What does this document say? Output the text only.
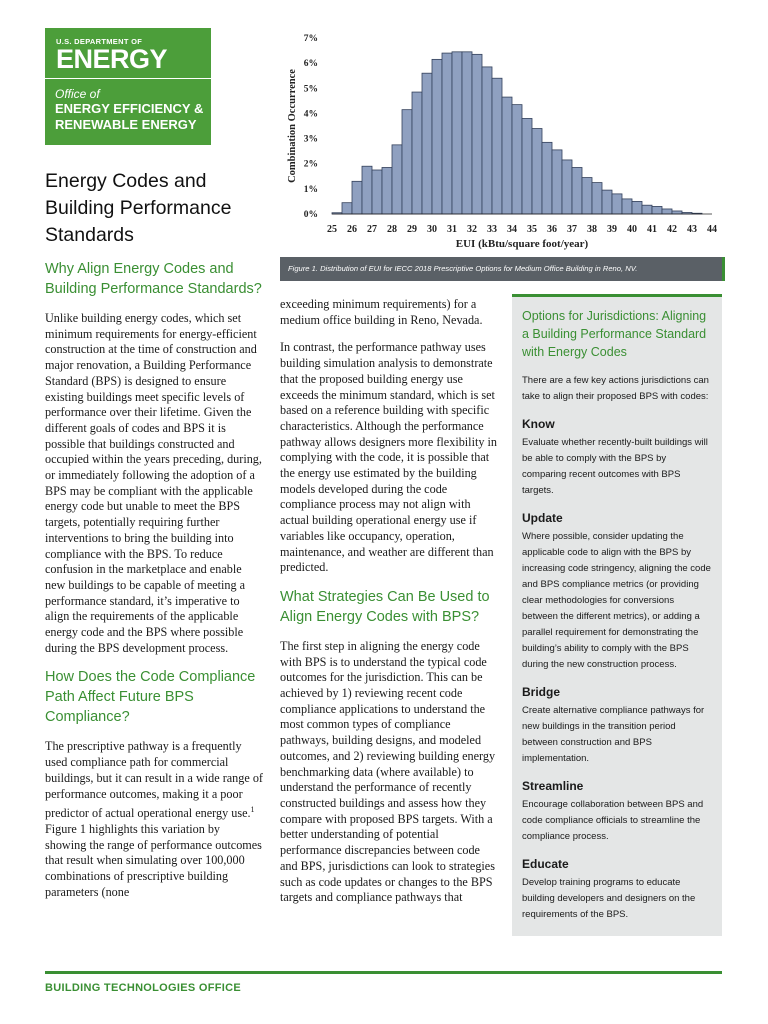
U.S. DEPARTMENT OF
ENERGY
Office of
ENERGY EFFICIENCY &
RENEWABLE ENERGY
Energy Codes and Building Performance Standards
Why Align Energy Codes and Building Performance Standards?

Unlike building energy codes, which set minimum requirements for energy-efficient construction at the time of construction and major renovation, a Building Performance Standard (BPS) is designed to ensure existing buildings meet specific levels of performance over their lifetime. Given the different goals of codes and BPS it is possible that buildings constructed and occupied within the years preceding, during, or immediately following the adoption of a BPS may be compliant with the applicable energy code but unable to meet the BPS targets, potentially requiring further interventions to bring the building into compliance with the BPS. To reduce confusion in the marketplace and enable new buildings to be capable of meeting a performance standard, it’s imperative to align the requirements of the applicable energy code and the BPS where possible during the BPS development process.

How Does the Code Compliance Path Affect Future BPS Compliance?

The prescriptive pathway is a frequently used compliance path for commercial buildings, but it can result in a wide range of performance outcomes, making it a poor predictor of actual operational energy use.$^1$ Figure 1 highlights this variation by showing the range of performance outcomes that result when simulating over 100,000 combinations of prescriptive building parameters (none

0%
1%
2%
3%
4%
5%
6%
7%
25 26 27 28 29 30 31 32 33 34 35 36 37 38 39 40 41 42 43 44
EUI (kBtu/square foot/year)
Combination Occurrence
Figure 1. Distribution of EUI for IECC 2018 Prescriptive Options for Medium Office Building in Reno, NV.

exceeding minimum requirements) for a medium office building in Reno, Nevada.

In contrast, the performance pathway uses building simulation analysis to demonstrate that the proposed building energy use exceeds the minimum standard, which is set based on a reference building with specific characteristics. Although the performance pathway allows designers more flexibility in complying with the code, it is possible that the energy use estimated by the building models developed during the code compliance process may not align with actual building operational energy use if variables like occupancy, operation, maintenance, and weather are different than predicted.

What Strategies Can Be Used to Align Energy Codes with BPS?

The first step in aligning the energy code with BPS is to understand the typical code outcomes for the jurisdiction. This can be achieved by 1) reviewing recent code compliance applications to understand the most common types of compliance pathways, building designs, and modeled outcomes, and 2) reviewing building energy benchmarking data (where available) to understand the performance of recently constructed buildings and assess how they compare with proposed BPS targets. With a better understanding of potential performance discrepancies between code and BPS, jurisdictions can look to strategies such as code updates or changes to the BPS targets and compliance pathways that

Options for Jurisdictions: Aligning a Building Performance Standard with Energy Codes
There are a few key actions jurisdictions can take to align their proposed BPS with codes:
Know
Evaluate whether recently-built buildings will be able to comply with the BPS by comparing recent outcomes with BPS targets.
Update
Where possible, consider updating the applicable code to align with the BPS by increasing code stringency, aligning the code and BPS compliance metrics (or providing clear methodologies for conversions between the different metrics), or adding a parallel requirement for demonstrating the building’s ability to comply with the BPS during the new construction process.
Bridge
Create alternative compliance pathways for new buildings in the transition period between construction and BPS implementation.
Streamline
Encourage collaboration between BPS and code compliance officials to streamline the compliance process.
Educate
Develop training programs to educate building developers and designers on the requirements of the BPS.
BUILDING TECHNOLOGIES OFFICE
